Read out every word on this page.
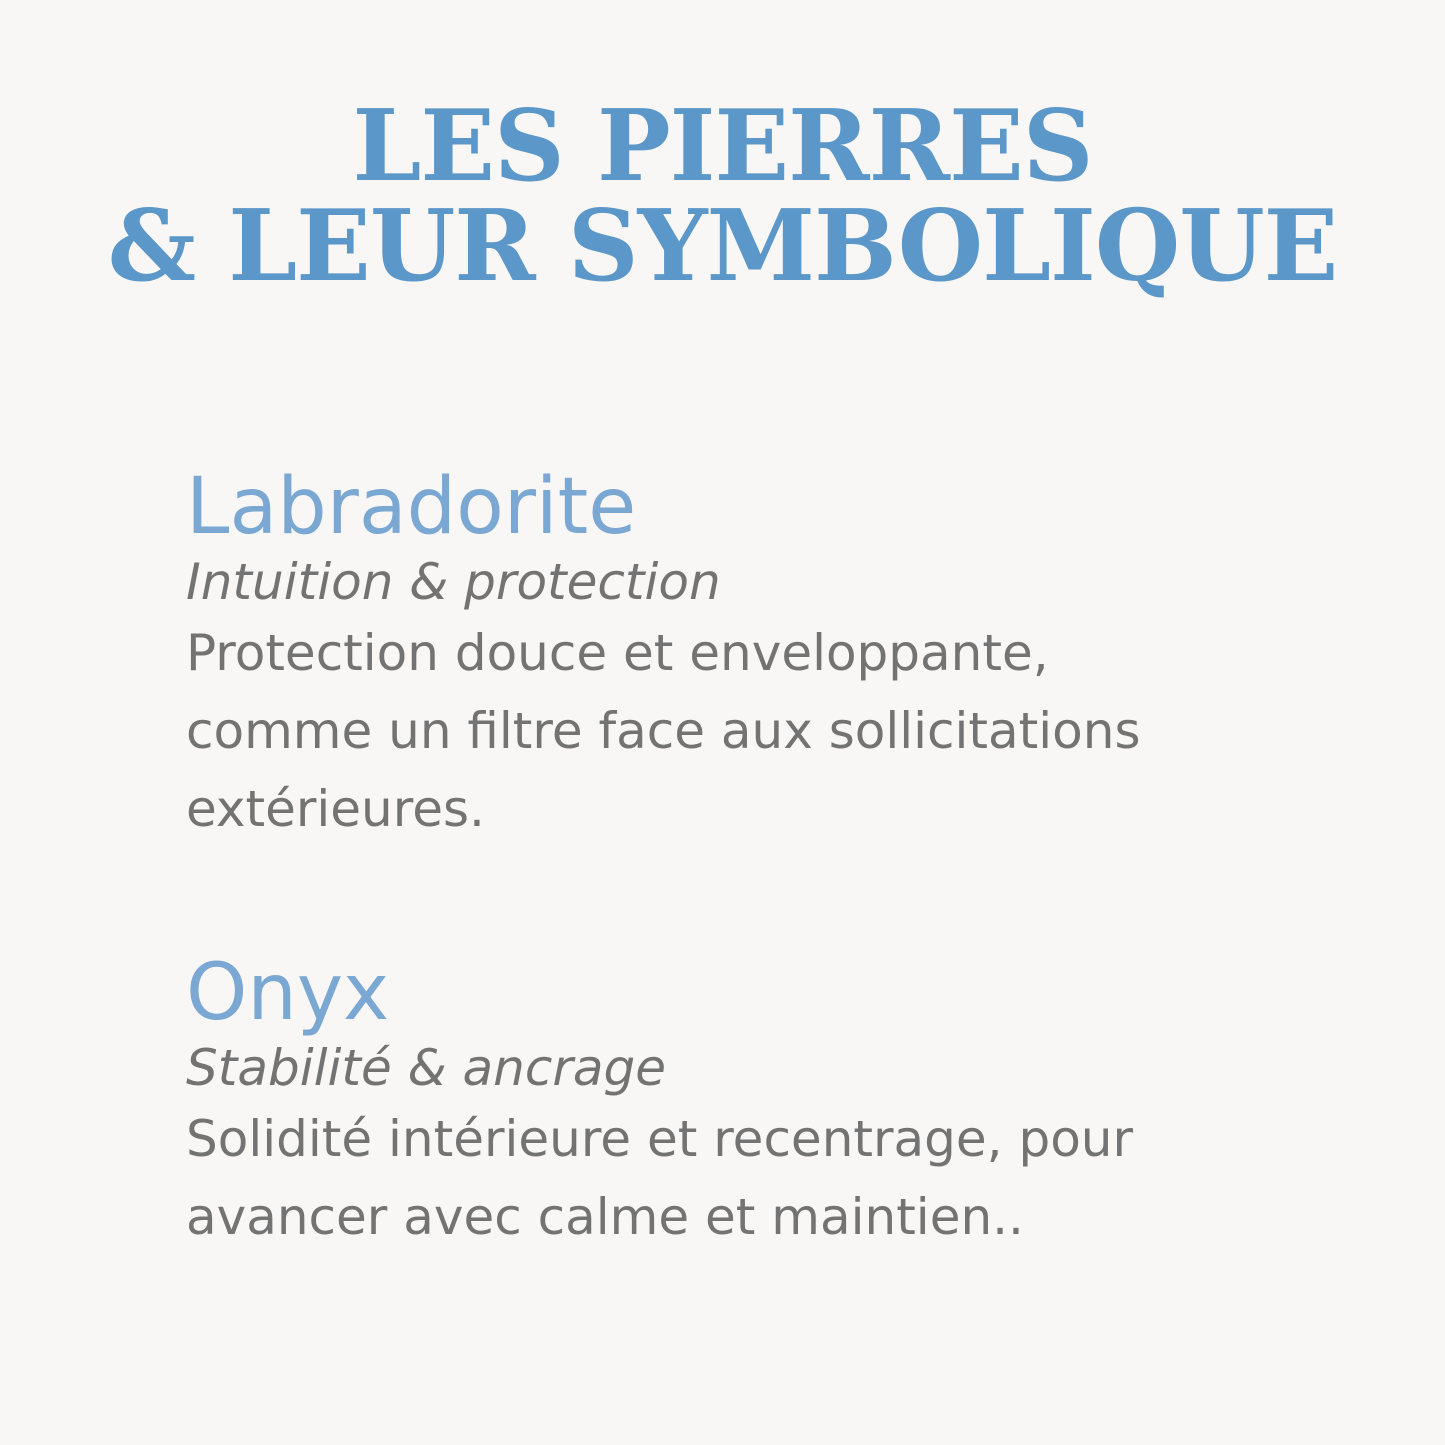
LES PIERRES
& LEUR SYMBOLIQUE
Labradorite

Intuition & protection

Protection douce et enveloppante,
comme un filtre face aux sollicitations
extérieures.
Onyx

Stabilité & ancrage

Solidité intérieure et recentrage, pour
avancer avec calme et maintien..
